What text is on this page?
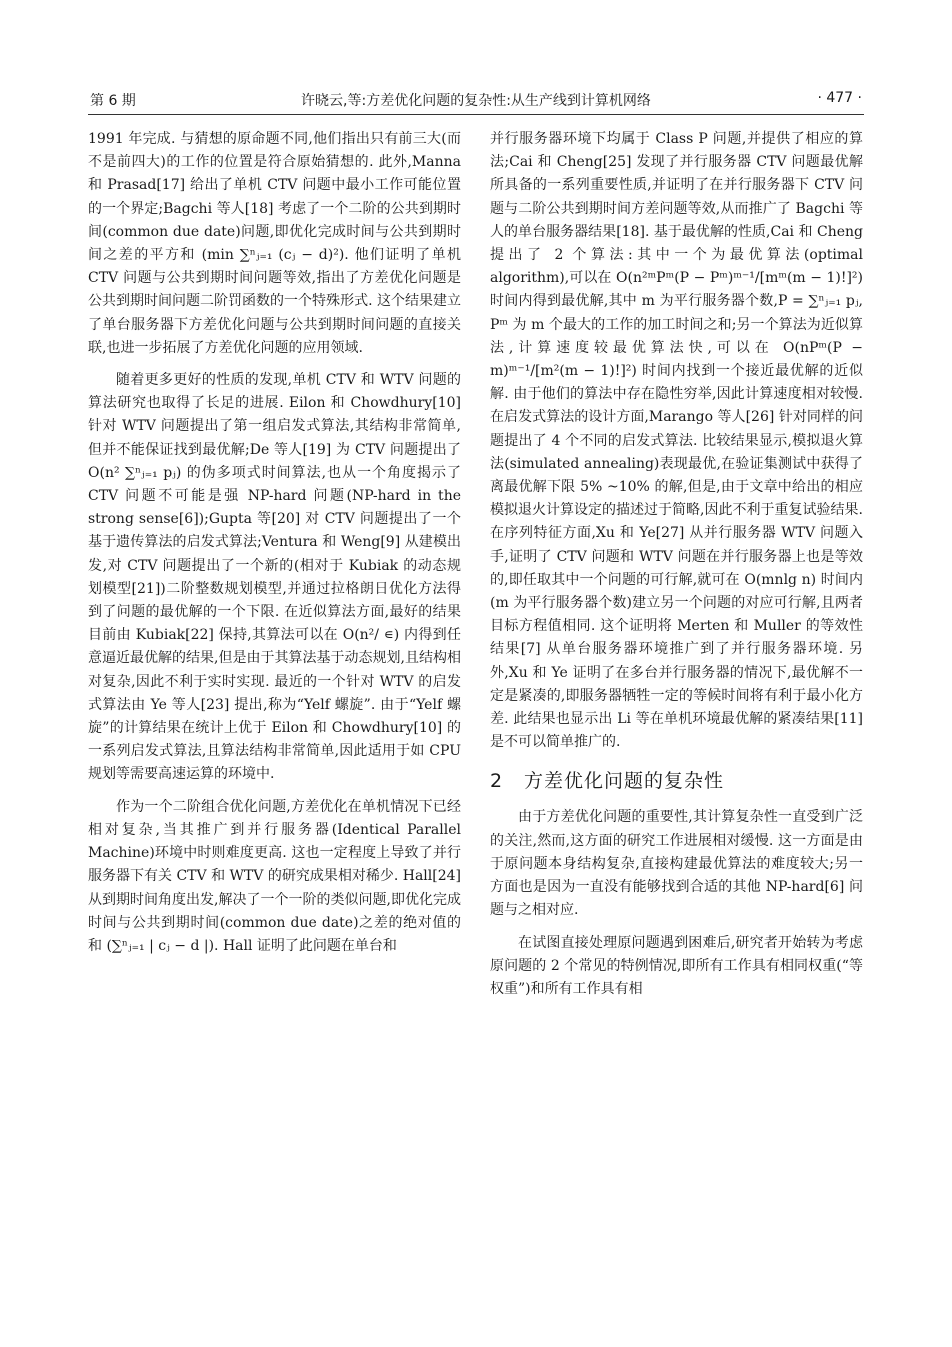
第 6 期	许晓云,等:方差优化问题的复杂性:从生产线到计算机网络	· 477 ·

1991 年完成. 与猜想的原命题不同,他们指出只有前三大(而不是前四大)的工作的位置是符合原始猜想的. 此外,Manna 和 Prasad[17] 给出了单机 CTV 问题中最小工作可能位置的一个界定;Bagchi 等人[18] 考虑了一个二阶的公共到期时间(common due date)问题,即优化完成时间与公共到期时间之差的平方和 (min ∑ⁿⱼ₌₁ (cⱼ − d)²). 他们证明了单机 CTV 问题与公共到期时间问题等效,指出了方差优化问题是公共到期时间问题二阶罚函数的一个特殊形式. 这个结果建立了单台服务器下方差优化问题与公共到期时间问题的直接关联,也进一步拓展了方差优化问题的应用领域.

随着更多更好的性质的发现,单机 CTV 和 WTV 问题的算法研究也取得了长足的进展. Eilon 和 Chowdhury[10] 针对 WTV 问题提出了第一组启发式算法,其结构非常简单,但并不能保证找到最优解;De 等人[19] 为 CTV 问题提出了 O(n² ∑ⁿⱼ₌₁ pⱼ) 的伪多项式时间算法,也从一个角度揭示了 CTV 问题不可能是强 NP-hard 问题(NP-hard in the strong sense[6]);Gupta 等[20] 对 CTV 问题提出了一个基于遗传算法的启发式算法;Ventura 和 Weng[9] 从建模出发,对 CTV 问题提出了一个新的(相对于 Kubiak 的动态规划模型[21])二阶整数规划模型,并通过拉格朗日优化方法得到了问题的最优解的一个下限. 在近似算法方面,最好的结果目前由 Kubiak[22] 保持,其算法可以在 O(n²/ ∊) 内得到任意逼近最优解的结果,但是由于其算法基于动态规划,且结构相对复杂,因此不利于实时实现. 最近的一个针对 WTV 的启发式算法由 Ye 等人[23] 提出,称为“Yelf 螺旋”. 由于“Yelf 螺旋”的计算结果在统计上优于 Eilon 和 Chowdhury[10] 的一系列启发式算法,且算法结构非常简单,因此适用于如 CPU 规划等需要高速运算的环境中.

作为一个二阶组合优化问题,方差优化在单机情况下已经相对复杂,当其推广到并行服务器(Identical Parallel Machine)环境中时则难度更高. 这也一定程度上导致了并行服务器下有关 CTV 和 WTV 的研究成果相对稀少. Hall[24] 从到期时间角度出发,解决了一个一阶的类似问题,即优化完成时间与公共到期时间(common due date)之差的绝对值的和 (∑ⁿⱼ₌₁ | cⱼ − d |). Hall 证明了此问题在单台和

并行服务器环境下均属于 Class P 问题,并提供了相应的算法;Cai 和 Cheng[25] 发现了并行服务器 CTV 问题最优解所具备的一系列重要性质,并证明了在并行服务器下 CTV 问题与二阶公共到期时间方差问题等效,从而推广了 Bagchi 等人的单台服务器结果[18]. 基于最优解的性质,Cai 和 Cheng 提出了 2 个算法:其中一个为最优算法(optimal algorithm),可以在 O(n²ᵐPᵐ(P − Pᵐ)ᵐ⁻¹/[mᵐ(m − 1)!]²) 时间内得到最优解,其中 m 为平行服务器个数,P = ∑ⁿⱼ₌₁ pⱼ, Pᵐ 为 m 个最大的工作的加工时间之和;另一个算法为近似算法,计算速度较最优算法快,可以在 O(nPᵐ(P − m)ᵐ⁻¹/[m²(m − 1)!]²) 时间内找到一个接近最优解的近似解. 由于他们的算法中存在隐性穷举,因此计算速度相对较慢. 在启发式算法的设计方面,Marango 等人[26] 针对同样的问题提出了 4 个不同的启发式算法. 比较结果显示,模拟退火算法(simulated annealing)表现最优,在验证集测试中获得了离最优解下限 5% ~10% 的解,但是,由于文章中给出的相应模拟退火计算设定的描述过于简略,因此不利于重复试验结果. 在序列特征方面,Xu 和 Ye[27] 从并行服务器 WTV 问题入手,证明了 CTV 问题和 WTV 问题在并行服务器上也是等效的,即任取其中一个问题的可行解,就可在 O(mnlg n) 时间内(m 为平行服务器个数)建立另一个问题的对应可行解,且两者目标方程值相同. 这个证明将 Merten 和 Muller 的等效性结果[7] 从单台服务器环境推广到了并行服务器环境. 另外,Xu 和 Ye 证明了在多台并行服务器的情况下,最优解不一定是紧凑的,即服务器牺牲一定的等候时间将有利于最小化方差. 此结果也显示出 Li 等在单机环境最优解的紧凑结果[11] 是不可以简单推广的.

2 方差优化问题的复杂性

由于方差优化问题的重要性,其计算复杂性一直受到广泛的关注,然而,这方面的研究工作进展相对缓慢. 这一方面是由于原问题本身结构复杂,直接构建最优算法的难度较大;另一方面也是因为一直没有能够找到合适的其他 NP-hard[6] 问题与之相对应.

在试图直接处理原问题遇到困难后,研究者开始转为考虑原问题的 2 个常见的特例情况,即所有工作具有相同权重(“等权重”)和所有工作具有相
